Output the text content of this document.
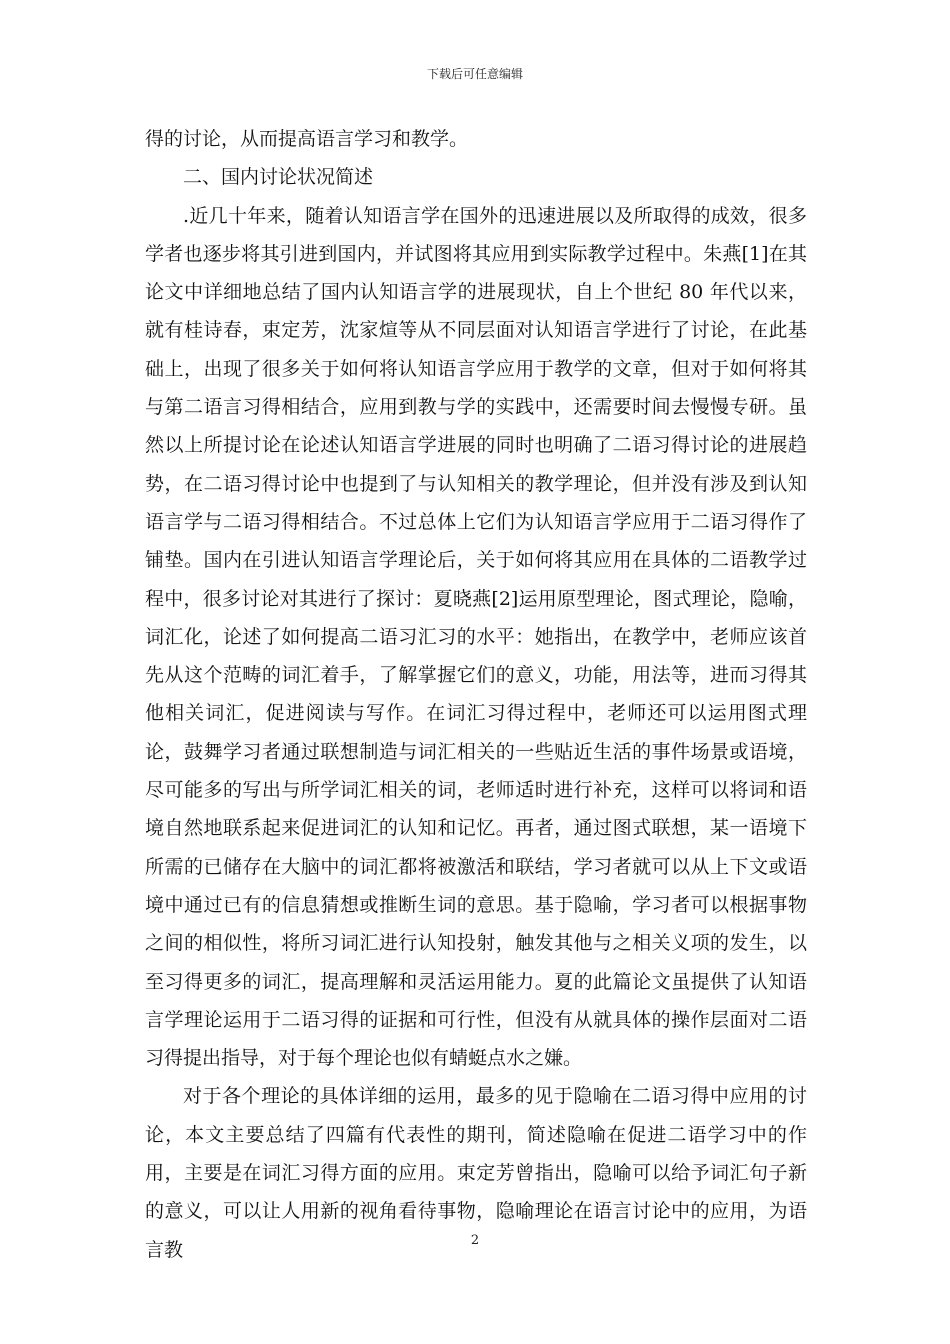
下载后可任意编辑

得的讨论，从而提高语言学习和教学。

二、国内讨论状况简述

.近几十年来，随着认知语言学在国外的迅速进展以及所取得的成效，很多学者也逐步将其引进到国内，并试图将其应用到实际教学过程中。朱燕[1]在其论文中详细地总结了国内认知语言学的进展现状，自上个世纪 80 年代以来，就有桂诗春，束定芳，沈家煊等从不同层面对认知语言学进行了讨论，在此基础上，出现了很多关于如何将认知语言学应用于教学的文章，但对于如何将其与第二语言习得相结合，应用到教与学的实践中，还需要时间去慢慢专研。虽然以上所提讨论在论述认知语言学进展的同时也明确了二语习得讨论的进展趋势，在二语习得讨论中也提到了与认知相关的教学理论，但并没有涉及到认知语言学与二语习得相结合。不过总体上它们为认知语言学应用于二语习得作了铺垫。国内在引进认知语言学理论后，关于如何将其应用在具体的二语教学过程中，很多讨论对其进行了探讨：夏晓燕[2]运用原型理论，图式理论，隐喻，词汇化，论述了如何提高二语习汇习的水平：她指出，在教学中，老师应该首先从这个范畴的词汇着手，了解掌握它们的意义，功能，用法等，进而习得其他相关词汇，促进阅读与写作。在词汇习得过程中，老师还可以运用图式理论，鼓舞学习者通过联想制造与词汇相关的一些贴近生活的事件场景或语境，尽可能多的写出与所学词汇相关的词，老师适时进行补充，这样可以将词和语境自然地联系起来促进词汇的认知和记忆。再者，通过图式联想，某一语境下所需的已储存在大脑中的词汇都将被激活和联结，学习者就可以从上下文或语境中通过已有的信息猜想或推断生词的意思。基于隐喻，学习者可以根据事物之间的相似性，将所习词汇进行认知投射，触发其他与之相关义项的发生，以至习得更多的词汇，提高理解和灵活运用能力。夏的此篇论文虽提供了认知语言学理论运用于二语习得的证据和可行性，但没有从就具体的操作层面对二语习得提出指导，对于每个理论也似有蜻蜓点水之嫌。

对于各个理论的具体详细的运用，最多的见于隐喻在二语习得中应用的讨论，本文主要总结了四篇有代表性的期刊，简述隐喻在促进二语学习中的作用，主要是在词汇习得方面的应用。束定芳曾指出，隐喻可以给予词汇句子新的意义，可以让人用新的视角看待事物，隐喻理论在语言讨论中的应用，为语言教	2
